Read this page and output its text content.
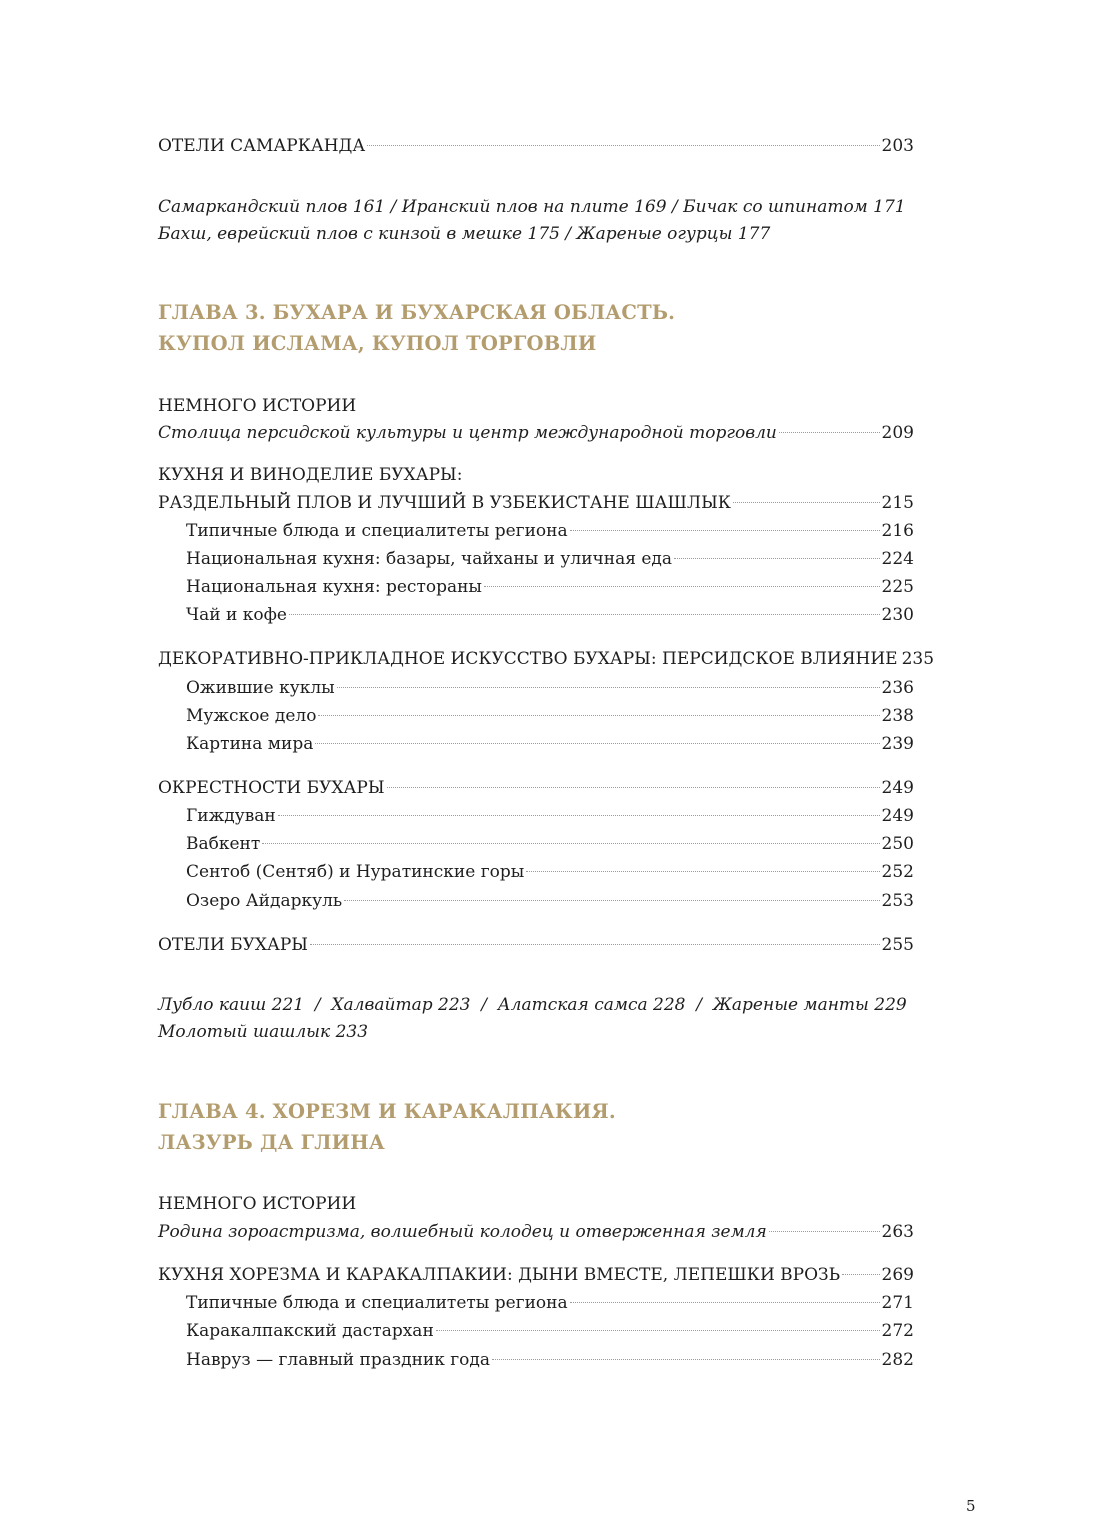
ОТЕЛИ САМАРКАНДА	203
Самаркандский плов 161 / Иранский плов на плите 169 / Бичак со шпинатом 171
Бахш, еврейский плов с кинзой в мешке 175 / Жареные огурцы 177
ГЛАВА 3. БУХАРА И БУХАРСКАЯ ОБЛАСТЬ.
КУПОЛ ИСЛАМА, КУПОЛ ТОРГОВЛИ
НЕМНОГО ИСТОРИИ
Столица персидской культуры и центр международной торговли	209
КУХНЯ И ВИНОДЕЛИЕ БУХАРЫ:
РАЗДЕЛЬНЫЙ ПЛОВ И ЛУЧШИЙ В УЗБЕКИСТАНЕ ШАШЛЫК	215
Типичные блюда и специалитеты региона	216
Национальная кухня: базары, чайханы и уличная еда	224
Национальная кухня: рестораны	225
Чай и кофе	230
ДЕКОРАТИВНО-ПРИКЛАДНОЕ ИСКУССТВО БУХАРЫ: ПЕРСИДСКОЕ ВЛИЯНИЕ 235
Ожившие куклы	236
Мужское дело	238
Картина мира	239
ОКРЕСТНОСТИ БУХАРЫ	249
Гиждуван	249
Вабкент	250
Сентоб (Сентяб) и Нуратинские горы	252
Озеро Айдаркуль	253
ОТЕЛИ БУХАРЫ	255
Лубло каиш 221  /  Халвайтар 223  /  Алатская самса 228  /  Жареные манты 229
Молотый шашлык 233
ГЛАВА 4. ХОРЕЗМ И КАРАКАЛПАКИЯ.
ЛАЗУРЬ ДА ГЛИНА
НЕМНОГО ИСТОРИИ
Родина зороастризма, волшебный колодец и отверженная земля	263
КУХНЯ ХОРЕЗМА И КАРАКАЛПАКИИ: ДЫНИ ВМЕСТЕ, ЛЕПЕШКИ ВРОЗЬ 269
Типичные блюда и специалитеты региона	271
Каракалпакский дастархан	272
Навруз — главный праздник года	282
5
